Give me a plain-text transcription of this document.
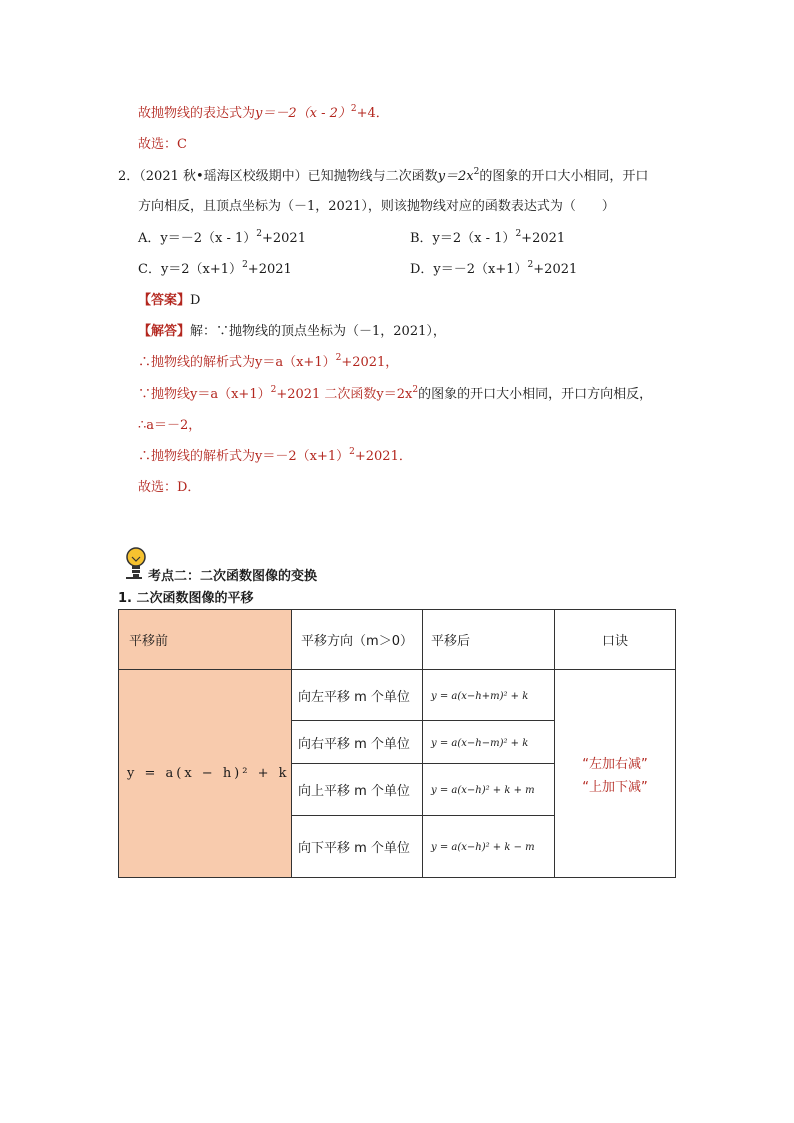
故抛物线的表达式为y＝－2（x - 2）$^2$+4．
故选：C
2．（2021 秋•瑶海区校级期中）已知抛物线与二次函数$y=2x^2$的图象的开口大小相同，开口
方向相反，且顶点坐标为（－1，2021），则该抛物线对应的函数表达式为（　　）
A．y＝－2（x - 1）$^2$+2021	B．y＝2（x - 1）$^2$+2021
C．$y=2(x+1)^2+2021$	D．$y=-2(x+1)^2+2021$
【答案】D
【解答】解：∵抛物线的顶点坐标为（－1，2021），
∴抛物线的解析式为$y=a(x+1)^2+2021$，
∵抛物线$y=a(x+1)^2+2021$ 二次函数$y=2x^2$的图象的开口大小相同，开口方向相反，
∴a＝－2，
∴抛物线的解析式为$y=-2(x+1)^2+2021$．
故选：D．
考点二：二次函数图像的变换
1. 二次函数图像的平移
平移前	平移方向（m＞0）	平移后	口诀
y = a(x − h)² + k	向左平移 m 个单位	y = a(x−h+m)² + k	“左加右减”
“上加下减”

	向右平移 m 个单位	y = a(x−h−m)² + k	
	向上平移 m 个单位	y = a(x−h)² + k + m	
	向下平移 m 个单位	y = a(x−h)² + k − m	
